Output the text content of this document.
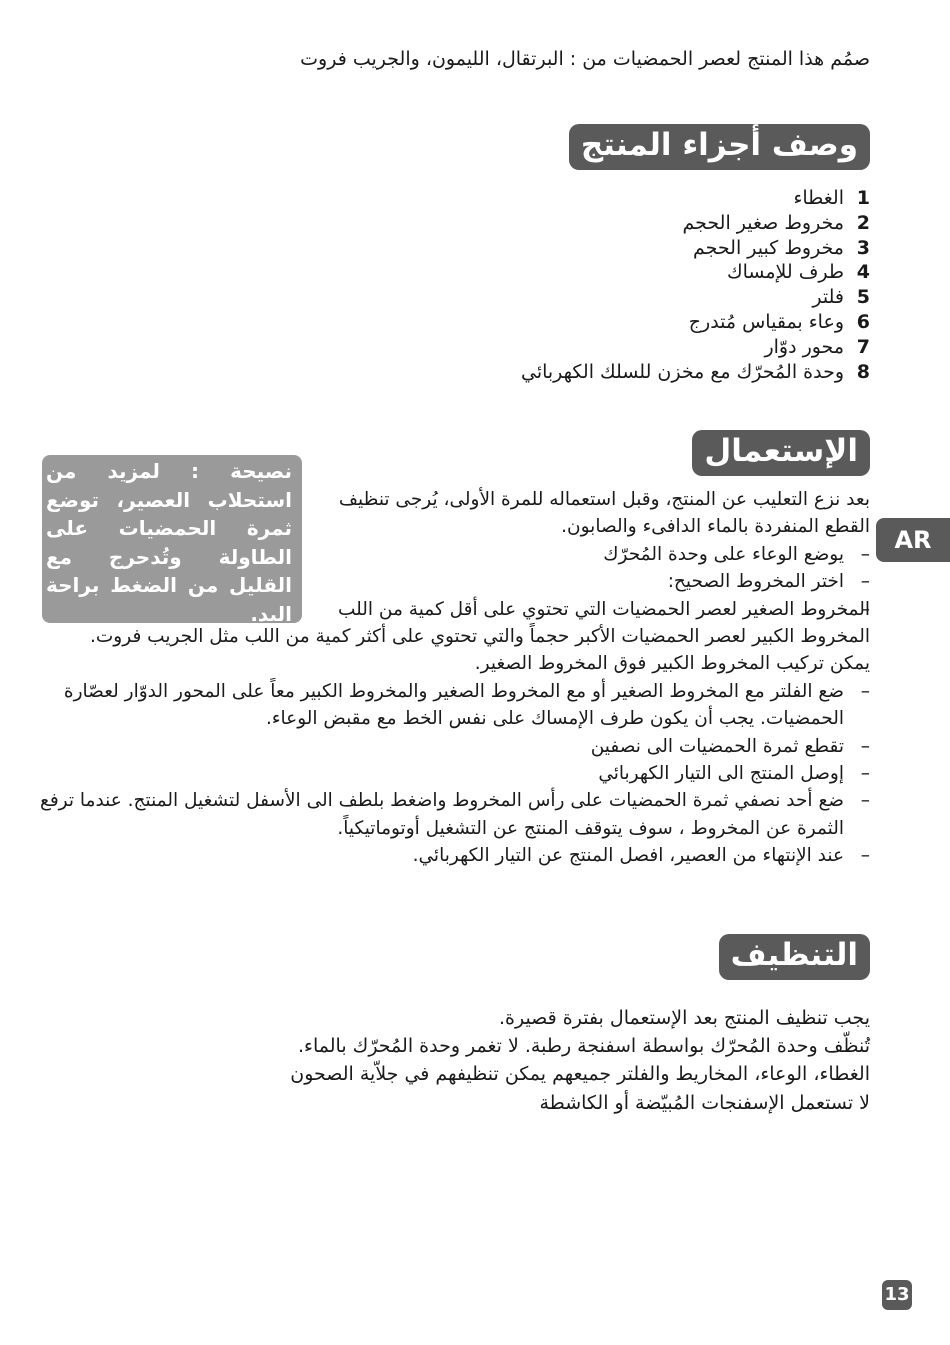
صمُم هذا المنتج لعصر الحمضيات من : البرتقال، الليمون، والجريب فروت
وصف أجزاء المنتج
1
الغطاء
2
مخروط صغير الحجم
3
مخروط كبير الحجم
4
طرف للإمساك
5
فلتر
6
وعاء بمقياس مُتدرج
7
محور دوّار
8
وحدة المُحرّك مع مخزن للسلك الكهربائي
الإستعمال
نصيحة : لمزيد من استحلاب العصير، توضع ثمرة الحمضيات على الطاولة وتُدحرج مع القليل من الضغط براحة اليد.
AR

بعد نزع التعليب عن المنتج، وقبل استعماله للمرة الأولى، يُرجى تنظيف القطع المنفردة بالماء الدافىء والصابون.

– يوضع الوعاء على وحدة المُحرّك
– اختر المخروط الصحيح:
– المخروط الصغير لعصر الحمضيات التي تحتوي على أقل كمية من اللب
المخروط الكبير لعصر الحمضيات الأكبر حجماً والتي تحتوي على أكثر كمية من اللب مثل الجريب فروت.
يمكن تركيب المخروط الكبير فوق المخروط الصغير.
– ضع الفلتر مع المخروط الصغير أو مع المخروط الصغير والمخروط الكبير معاً على المحور الدوّار لعصّارة الحمضيات. يجب أن يكون طرف الإمساك على نفس الخط مع مقبض الوعاء.
– تقطع ثمرة الحمضيات الى نصفين
– إوصل المنتج الى التيار الكهربائي
– ضع أحد نصفي ثمرة الحمضيات على رأس المخروط واضغط بلطف الى الأسفل لتشغيل المنتج. عندما ترفع الثمرة عن المخروط ، سوف يتوقف المنتج عن التشغيل أوتوماتيكياً.
– عند الإنتهاء من العصير، افصل المنتج عن التيار الكهربائي.
التنظيف

يجب تنظيف المنتج بعد الإستعمال بفترة قصيرة.

تُنظّف وحدة المُحرّك بواسطة اسفنجة رطبة. لا تغمر وحدة المُحرّك بالماء.

الغطاء، الوعاء، المخاريط والفلتر جميعهم يمكن تنظيفهم في جلاّية الصحون

لا تستعمل الإسفنجات المُبيّضة أو الكاشطة

13
